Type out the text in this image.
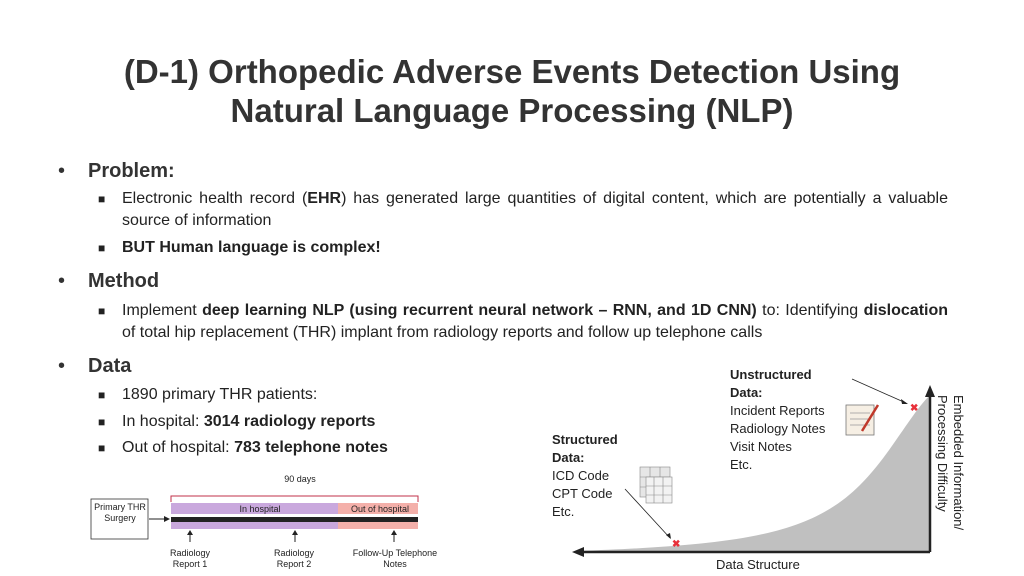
(D-1) Orthopedic Adverse Events Detection Using
Natural Language Processing (NLP)
• Problem:
■ Electronic health record (EHR) has generated large quantities of digital content, which are potentially a valuable source of information
■ BUT Human language is complex!
• Method
■ Implement deep learning NLP (using recurrent neural network – RNN, and 1D CNN) to: Identifying dislocation of total hip replacement (THR) implant from radiology reports and follow up telephone calls
• Data
■ 1890 primary THR patients:
■ In hospital: 3014 radiology reports
■ Out of hospital: 783 telephone notes
90 days
Primary THR Surgery
In hospital	Out of hospital
Radiology Report 1
Radiology Report 2
Follow-Up Telephone Notes
✖
✖	Embedded Information/
Processing Difficulty
Structured Data:
ICD Code
CPT Code
Etc.
Unstructured Data:
Incident Reports
Radiology Notes
Visit Notes
Etc.
Data Structure
